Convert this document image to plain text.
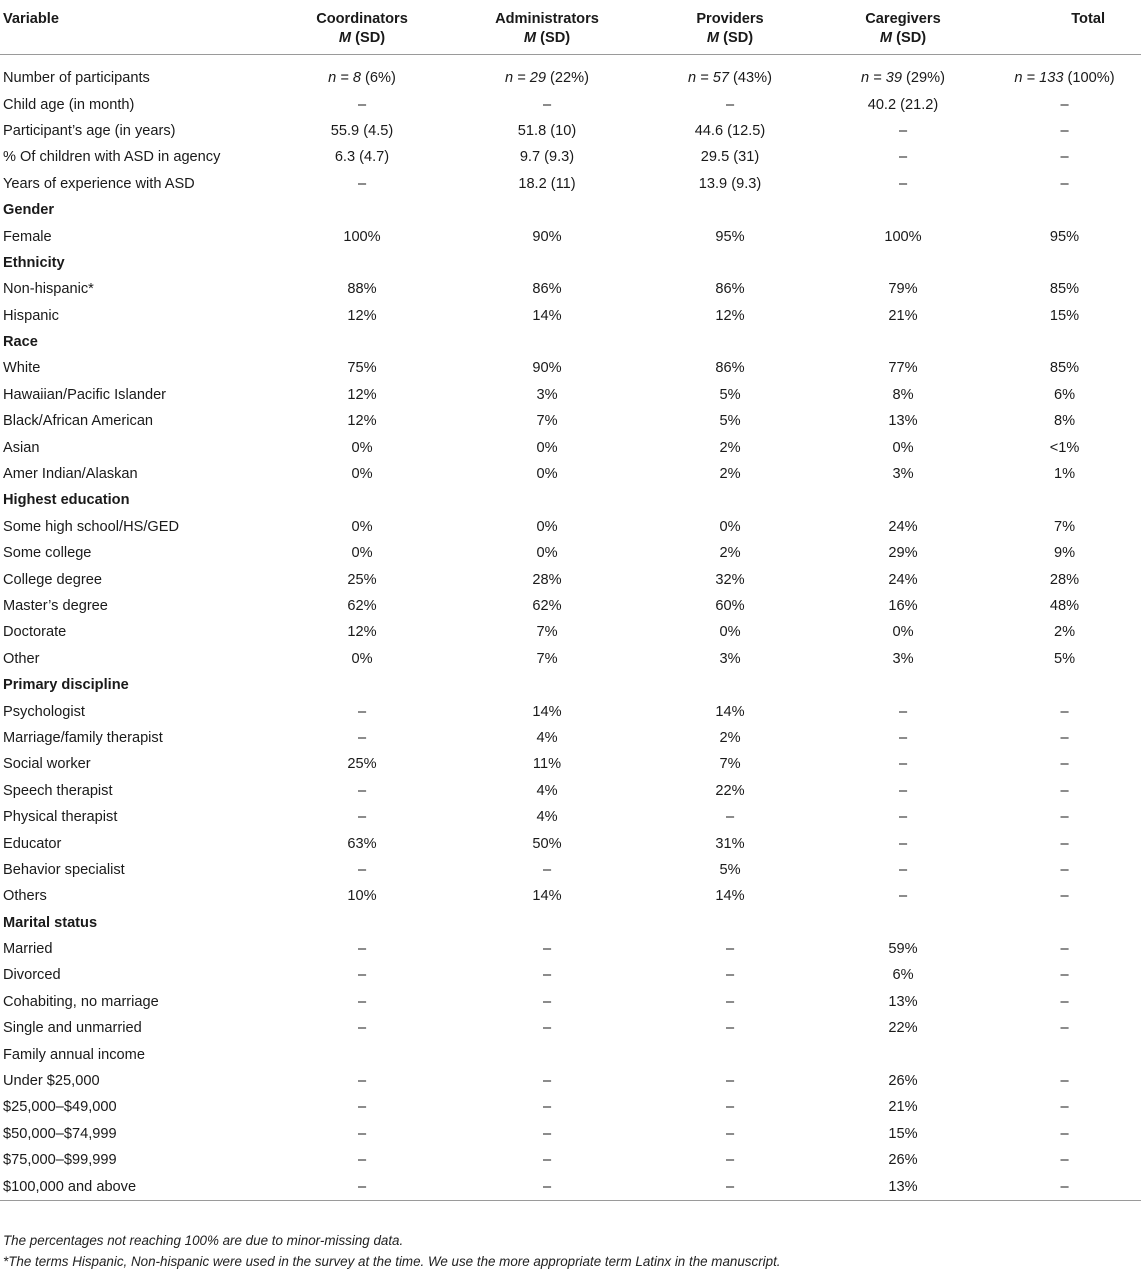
Variable	Coordinators	Administrators	Providers	Caregivers	Total
	M (SD)	M (SD)	M (SD)	M (SD)	
Number of participants	n = 8 (6%)	n = 29 (22%)	n = 57 (43%)	n = 39 (29%)	n = 133 (100%)
Child age (in month)	–	–	–	40.2 (21.2)	–
Participant’s age (in years)	55.9 (4.5)	51.8 (10)	44.6 (12.5)	–	–
% Of children with ASD in agency	6.3 (4.7)	9.7 (9.3)	29.5 (31)	–	–
Years of experience with ASD	–	18.2 (11)	13.9 (9.3)	–	–
Gender					
Female	100%	90%	95%	100%	95%
Ethnicity					
Non-hispanic*	88%	86%	86%	79%	85%
Hispanic	12%	14%	12%	21%	15%
Race					
White	75%	90%	86%	77%	85%
Hawaiian/Pacific Islander	12%	3%	5%	8%	6%
Black/African American	12%	7%	5%	13%	8%
Asian	0%	0%	2%	0%	<1%
Amer Indian/Alaskan	0%	0%	2%	3%	1%
Highest education					
Some high school/HS/GED	0%	0%	0%	24%	7%
Some college	0%	0%	2%	29%	9%
College degree	25%	28%	32%	24%	28%
Master’s degree	62%	62%	60%	16%	48%
Doctorate	12%	7%	0%	0%	2%
Other	0%	7%	3%	3%	5%
Primary discipline					
Psychologist	–	14%	14%	–	–
Marriage/family therapist	–	4%	2%	–	–
Social worker	25%	11%	7%	–	–
Speech therapist	–	4%	22%	–	–
Physical therapist	–	4%	–	–	–
Educator	63%	50%	31%	–	–
Behavior specialist	–	–	5%	–	–
Others	10%	14%	14%	–	–
Marital status					
Married	–	–	–	59%	–
Divorced	–	–	–	6%	–
Cohabiting, no marriage	–	–	–	13%	–
Single and unmarried	–	–	–	22%	–
Family annual income					
Under $25,000	–	–	–	26%	–
$25,000–$49,000	–	–	–	21%	–
$50,000–$74,999	–	–	–	15%	–
$75,000–$99,999	–	–	–	26%	–
$100,000 and above	–	–	–	13%	–
The percentages not reaching 100% are due to minor-missing data.
*The terms Hispanic, Non-hispanic were used in the survey at the time. We use the more appropriate term Latinx in the manuscript.
